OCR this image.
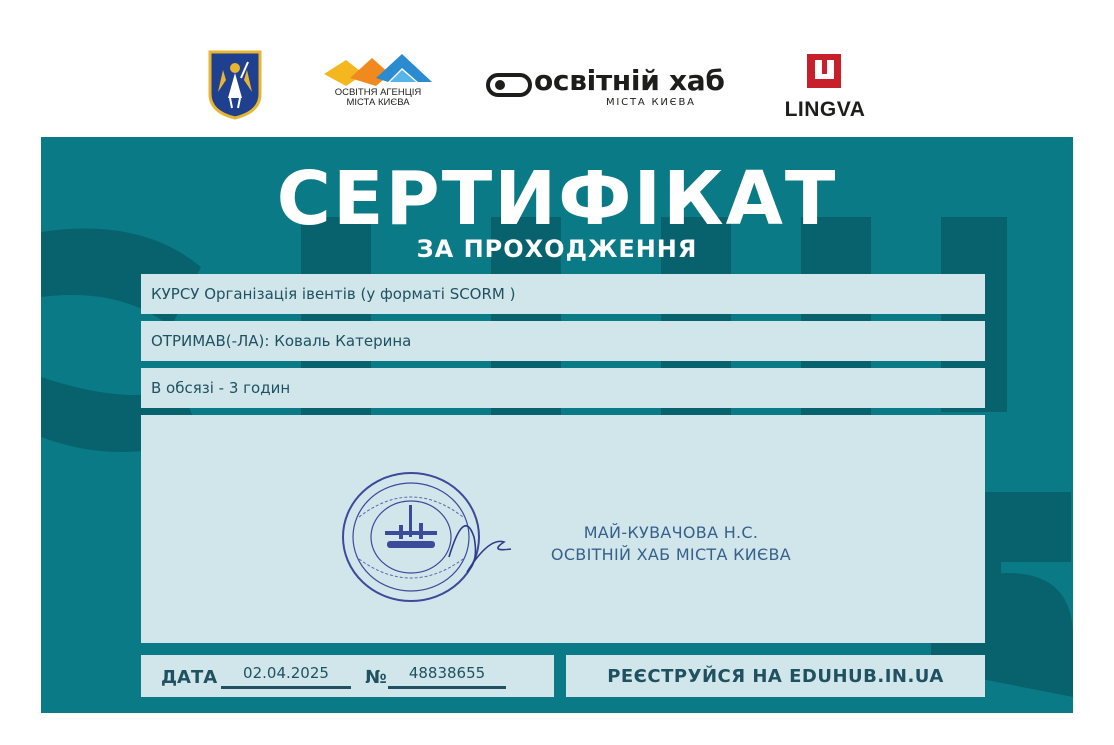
ОСВІТНЯ АГЕНЦІЯ
МІСТА КИЄВА
освітній хаб
МІСТА КИЄВА	LINGVA
СЕРТИФІКАТ
ЗА ПРОХОДЖЕННЯ
КУРСУ Організація івентів (у форматі SCORM )
ОТРИМАВ(-ЛА): Коваль Катерина
В обсязі - 3 годин
МАЙ-КУВАЧОВА Н.С.
ОСВІТНІЙ ХАБ МІСТА КИЄВА
ДАТА	02.04.2025	№	48838655	РЕЄСТРУЙСЯ НА EDUHUB.IN.UA
